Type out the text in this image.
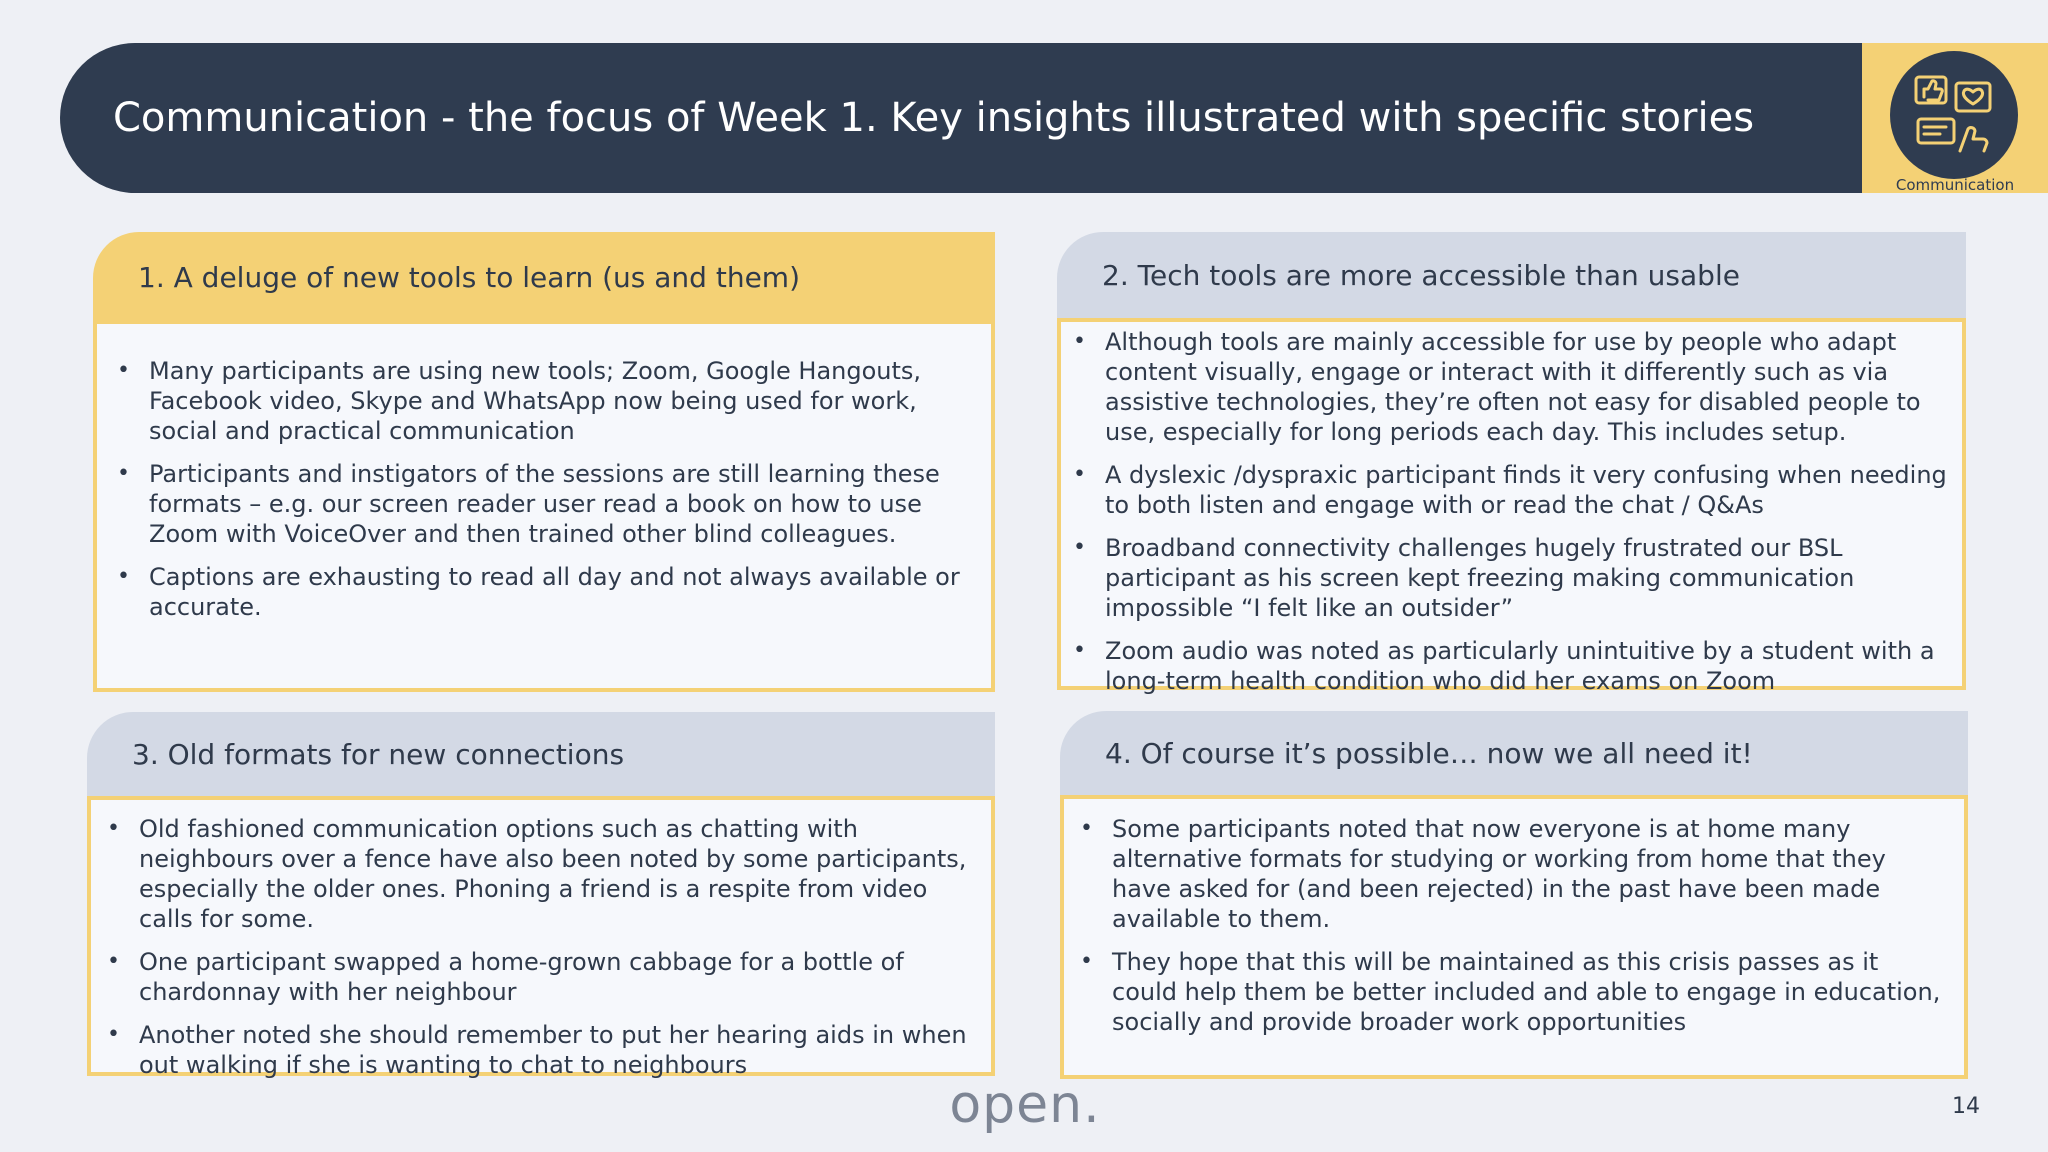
Communication - the focus of Week 1. Key insights illustrated with specific stories
Communication
1. A deluge of new tools to learn (us and them)
• Many participants are using new tools; Zoom, Google Hangouts, Facebook video, Skype and WhatsApp now being used for work, social and practical communication
• Participants and instigators of the sessions are still learning these formats – e.g. our screen reader user read a book on how to use Zoom with VoiceOver and then trained other blind colleagues.
• Captions are exhausting to read all day and not always available or accurate.
2. Tech tools are more accessible than usable
• Although tools are mainly accessible for use by people who adapt content visually, engage or interact with it differently such as via assistive technologies, they’re often not easy for disabled people to use, especially for long periods each day. This includes setup.
• A dyslexic /dyspraxic participant finds it very confusing when needing to both listen and engage with or read the chat / Q&As
• Broadband connectivity challenges hugely frustrated our BSL participant as his screen kept freezing making communication impossible “I felt like an outsider”
• Zoom audio was noted as particularly unintuitive by a student with a long-term health condition who did her exams on Zoom
3. Old formats for new connections
• Old fashioned communication options such as chatting with neighbours over a fence have also been noted by some participants, especially the older ones. Phoning a friend is a respite from video calls for some.
• One participant swapped a home-grown cabbage for a bottle of chardonnay with her neighbour
• Another noted she should remember to put her hearing aids in when out walking if she is wanting to chat to neighbours
4. Of course it’s possible… now we all need it!
• Some participants noted that now everyone is at home many alternative formats for studying or working from home that they have asked for (and been rejected) in the past have been made available to them.
• They hope that this will be maintained as this crisis passes as it could help them be better included and able to engage in education, socially and provide broader work opportunities
open.	14
